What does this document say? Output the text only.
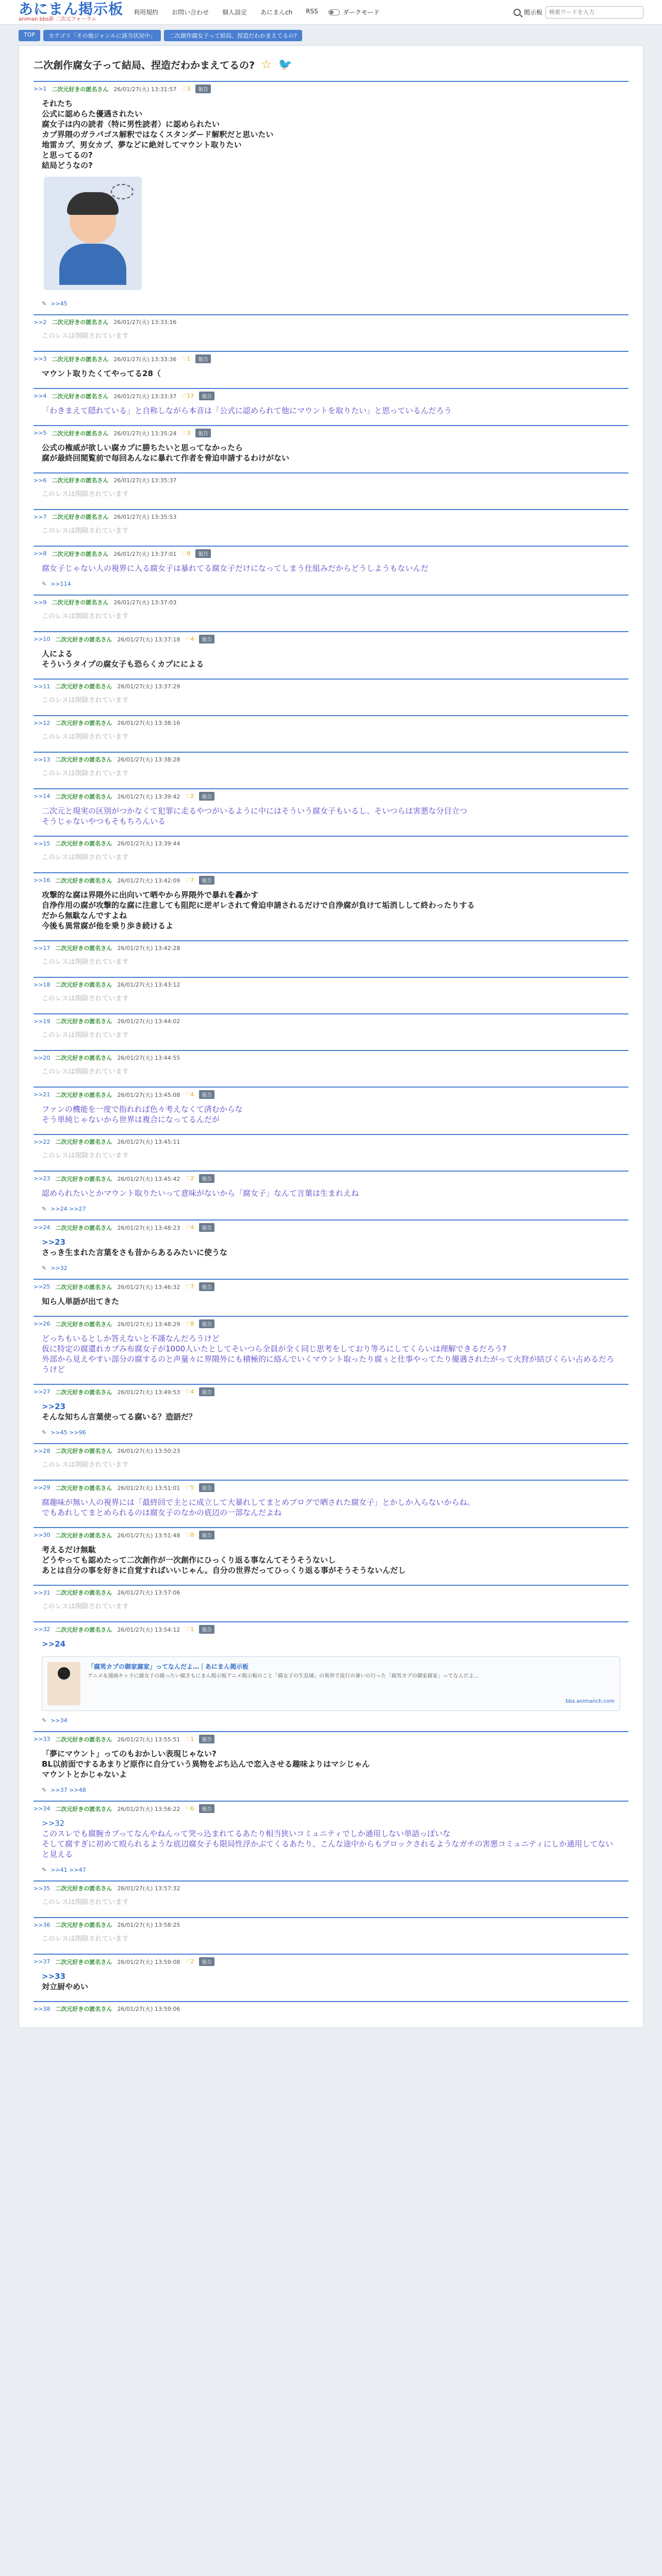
あにまん掲示板
animan bbs新 二次元フォーラム
利用規約 お問い合わせ 個人設定 あにまんch RSS	ダークモード	掲示板
検索ワードを入力
TOP	カテゴリ「その他ジャンルに該当状況中」	二次創作腐女子って結局、捏造だわかまえてるの?
二次創作腐女子って結局、捏造だわかまえてるの? ☆ 🐦
>>1 二次元好きの匿名さん 26/01/27(火) 13:31:57 ♡3	報告
それたち
公式に認めらた優遇されたい
腐女子は内の読者（特に男性読者）に認められたい
カプ界隈のガラパゴス解釈ではなくスタンダード解釈だと思いたい
地雷カプ、男女カプ、夢などに絶対してマウント取りたい
と思ってるの?
結局どうなの?
✎ >>45
>>2 二次元好きの匿名さん 26/01/27(火) 13:33:16
このレスは削除されています
>>3 二次元好きの匿名さん 26/01/27(火) 13:33:36 ♡1	報告
マウント取りたくてやってる28（
>>4 二次元好きの匿名さん 26/01/27(火) 13:33:37 ♡17	報告
「わきまえて隠れている」と自称しながら本音は「公式に認められて他にマウントを取りたい」と思っているんだろう
>>5 二次元好きの匿名さん 26/01/27(火) 13:35:24 ♡3	報告
公式の権威が欲しい腐カプに勝ちたいと思ってなかったら
腐が最終回閲覧前で毎回あんなに暴れて作者を脅迫申請するわけがない
>>6 二次元好きの匿名さん 26/01/27(火) 13:35:37
このレスは削除されています
>>7 二次元好きの匿名さん 26/01/27(火) 13:35:53
このレスは削除されています
>>8 二次元好きの匿名さん 26/01/27(火) 13:37:01 ♡8	報告
腐女子じゃない人の視界に入る腐女子は暴れてる腐女子だけになってしまう仕組みだからどうしようもないんだ
✎ >>114
>>9 二次元好きの匿名さん 26/01/27(火) 13:37:03
このレスは削除されています
>>10 二次元好きの匿名さん 26/01/27(火) 13:37:18 ♡4	報告
人による
そういうタイプの腐女子も恐らくカプにによる
>>11 二次元好きの匿名さん 26/01/27(火) 13:37:29
このレスは削除されています
>>12 二次元好きの匿名さん 26/01/27(火) 13:38:16
このレスは削除されています
>>13 二次元好きの匿名さん 26/01/27(火) 13:38:28
このレスは削除されています
>>14 二次元好きの匿名さん 26/01/27(火) 13:39:42 ♡2	報告
二次元と現実の区別がつかなくて犯罪に走るやつがいるように中にはそういう腐女子もいるし、そいつらは害悪な分目立つ
そうじゃないやつもそもちろんいる
>>15 二次元好きの匿名さん 26/01/27(火) 13:39:44
このレスは削除されています
>>16 二次元好きの匿名さん 26/01/27(火) 13:42:09 ♡7	報告
攻撃的な腐は界隈外に出向いて晒やから界隈外で暴れを轟かす
自浄作用の腐が攻撃的な腐に注意しても阻陀に逆ギレされて脅迫申請されるだけで自浄腐が負けて垢消しして終わったりする
だから無駄なんですよね
今後も異常腐が他を乗り歩き続けるよ
>>17 二次元好きの匿名さん 26/01/27(火) 13:42:28
このレスは削除されています
>>18 二次元好きの匿名さん 26/01/27(火) 13:43:12
このレスは削除されています
>>19 二次元好きの匿名さん 26/01/27(火) 13:44:02
このレスは削除されています
>>20 二次元好きの匿名さん 26/01/27(火) 13:44:55
このレスは削除されています
>>21 二次元好きの匿名さん 26/01/27(火) 13:45:08 ♡4	報告
ファンの機能を一度で指れれば色々考えなくて済むからな
そう単純じゃないから世界は複合になってるんだが
>>22 二次元好きの匿名さん 26/01/27(火) 13:45:11
このレスは削除されています
>>23 二次元好きの匿名さん 26/01/27(火) 13:45:42 ♡2	報告
認められたいとかマウント取りたいって意味がないから「腐女子」なんて言葉は生まれえね
✎ >>24 >>27
>>24 二次元好きの匿名さん 26/01/27(火) 13:48:23 ♡4	報告
>>23
さっき生まれた言葉をさも昔からあるみたいに使うな
✎ >>32
>>25 二次元好きの匿名さん 26/01/27(火) 13:46:32 ♡7	報告
知ら人単語が出てきた
>>26 二次元好きの匿名さん 26/01/27(火) 13:48:29 ♡8	報告
どっちもいるとしか答えないと不謹なんだろうけど
仮に特定の腐還れカプみ布腐女子が1000人いたとしてそいつら全員が全く同じ思考をしており等ろにしてくらいは理解できるだろう?
外部から見えやすい部分の腐するのと声量々に界隈外にも積極的に絡んでいくマウント取ったり腐ぅと仕事やってたり優遇されたがって火狩が結びくらい占めるだろうけど
>>27 二次元好きの匿名さん 26/01/27(火) 13:49:53 ♡4	報告
>>23
そんな知ちん言葉使ってる腐いる？造語だ？
✎ >>45 >>96
>>28 二次元好きの匿名さん 26/01/27(火) 13:50:23
このレスは削除されています
>>29 二次元好きの匿名さん 26/01/27(火) 13:51:01 ♡5	報告
腐趣味が無い人の視界には「最終回で主とに成立して大暴れしてまとめブログで晒された腐女子」とかしか入らないからね。
でもあれしてまとめられるのは腐女子のなかの底辺の一部なんだよね
>>30 二次元好きの匿名さん 26/01/27(火) 13:51:48 ♡8	報告
考えるだけ無駄
どうやっても認めたって二次創作が一次創作にひっくり返る事なんてそうそうないし
あとは自分の事を好きに自覚すればいいじゃん。自分の世界だってひっくり返る事がそうそうないんだし
>>31 二次元好きの匿名さん 26/01/27(火) 13:57:06
このレスは削除されています
>>32 二次元好きの匿名さん 26/01/27(火) 13:54:12 ♡1	報告
>>24
「腐男カプの御家腐家」ってなんだよ…｜あにまん掲示板
アニメ＆漫画キャラに腐女子の腐ったい腐さもにまん掲示板アニメ掲示板のこと「腐女子の生息域」の異界で流行の暑いの行った「腐男カプの御家腐家」ってなんだよ...
bbs.animanch.com
✎ >>34
>>33 二次元好きの匿名さん 26/01/27(火) 13:55:51 ♡1	報告
「夢にマウント」ってのもおかしい表現じゃない?
BL以前面でするあまりど原作に自分ていう異物をぶち込んで恋入させる趣味よりはマシじゃん
マウントとかじゃないよ
✎ >>37 >>48
>>34 二次元好きの匿名さん 26/01/27(火) 13:56:22 ♡6	報告
>>32
このスレでも腐腕カプってなんやねんって突っ込まれてるあたり相当狭いコミュニティでしか通用しない単語っぽいな
そして腐すぎに初めて殴られるような底辺腐女子も限局性浮かぶてくるあたり、こんな途中からもブロックされるようなガチの害悪コミュニティにしか通用してないと見える
✎ >>41 >>47
>>35 二次元好きの匿名さん 26/01/27(火) 13:57:32
このレスは削除されています
>>36 二次元好きの匿名さん 26/01/27(火) 13:58:25
このレスは削除されています
>>37 二次元好きの匿名さん 26/01/27(火) 13:59:08 ♡2	報告
>>33
対立厨やめい
>>38 二次元好きの匿名さん 26/01/27(火) 13:59:06
